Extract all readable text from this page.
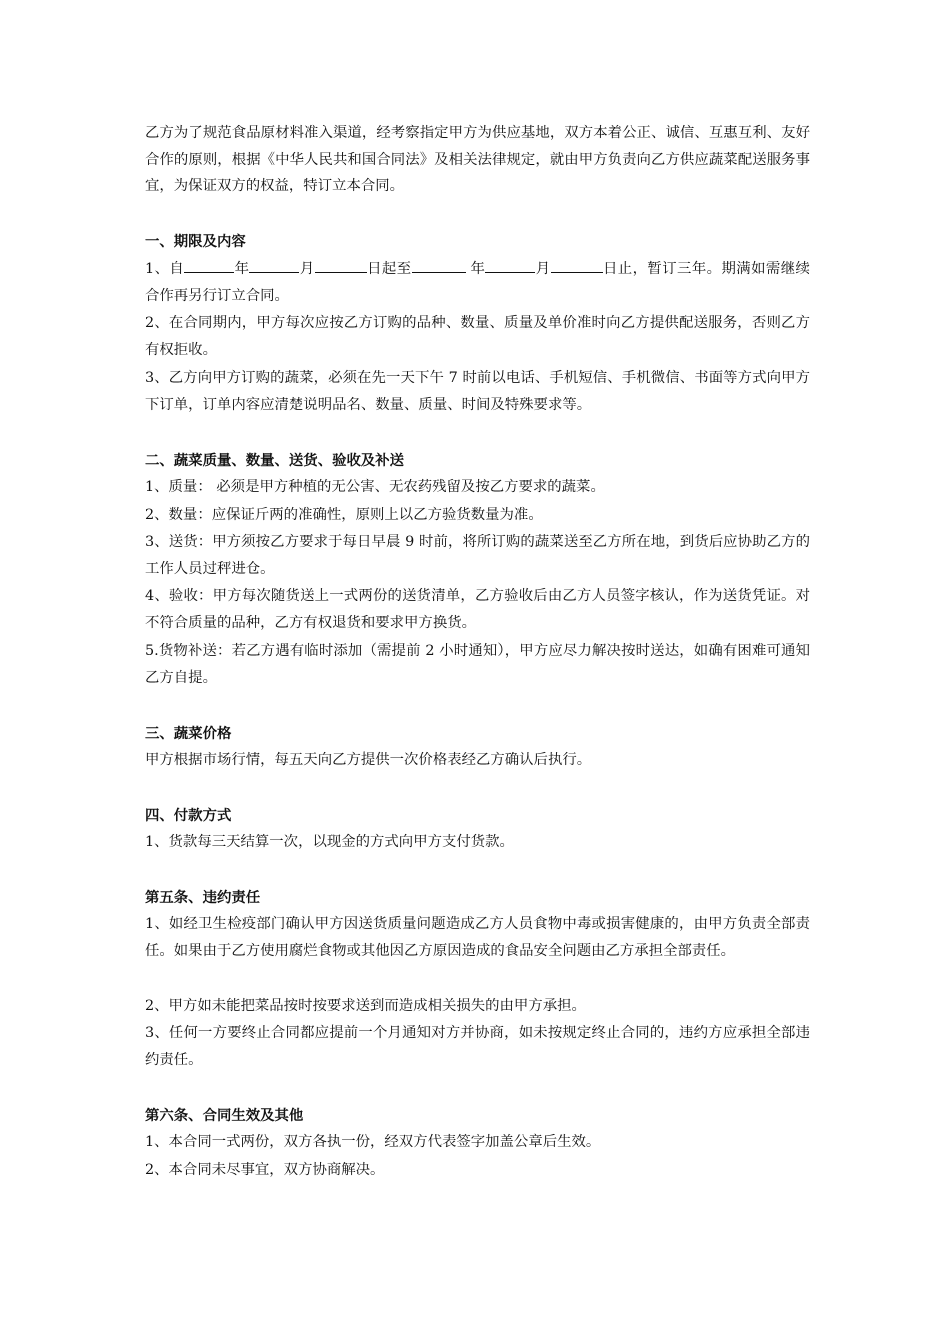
乙方为了规范食品原材料准入渠道，经考察指定甲方为供应基地，双方本着公正、诚信、互惠互利、友好合作的原则，根据《中华人民共和国合同法》及相关法律规定，就由甲方负责向乙方供应蔬菜配送服务事宜，为保证双方的权益，特订立本合同。

一、期限及内容

1、自	年	月	日起至	年	月	日止，暂订三年。期满如需继续合作再另行订立合同。

2、在合同期内，甲方每次应按乙方订购的品种、数量、质量及单价准时向乙方提供配送服务，否则乙方有权拒收。

3、乙方向甲方订购的蔬菜，必须在先一天下午 7 时前以电话、手机短信、手机微信、书面等方式向甲方下订单，订单内容应清楚说明品名、数量、质量、时间及特殊要求等。

二、蔬菜质量、数量、送货、验收及补送

1、质量： 必须是甲方种植的无公害、无农药残留及按乙方要求的蔬菜。

2、数量：应保证斤两的准确性，原则上以乙方验货数量为准。

3、送货：甲方须按乙方要求于每日早晨 9 时前，将所订购的蔬菜送至乙方所在地，到货后应协助乙方的工作人员过秤进仓。

4、验收：甲方每次随货送上一式两份的送货清单，乙方验收后由乙方人员签字核认，作为送货凭证。对不符合质量的品种，乙方有权退货和要求甲方换货。

5.货物补送：若乙方遇有临时添加（需提前 2 小时通知），甲方应尽力解决按时送达，如确有困难可通知乙方自提。

三、蔬菜价格

甲方根据市场行情，每五天向乙方提供一次价格表经乙方确认后执行。

四、付款方式

1、货款每三天结算一次，以现金的方式向甲方支付货款。

第五条、违约责任

1、如经卫生检疫部门确认甲方因送货质量问题造成乙方人员食物中毒或损害健康的，由甲方负责全部责任。如果由于乙方使用腐烂食物或其他因乙方原因造成的食品安全问题由乙方承担全部责任。

2、甲方如未能把菜品按时按要求送到而造成相关损失的由甲方承担。

3、任何一方要终止合同都应提前一个月通知对方并协商，如未按规定终止合同的，违约方应承担全部违约责任。

第六条、合同生效及其他

1、本合同一式两份，双方各执一份，经双方代表签字加盖公章后生效。

2、本合同未尽事宜，双方协商解决。
